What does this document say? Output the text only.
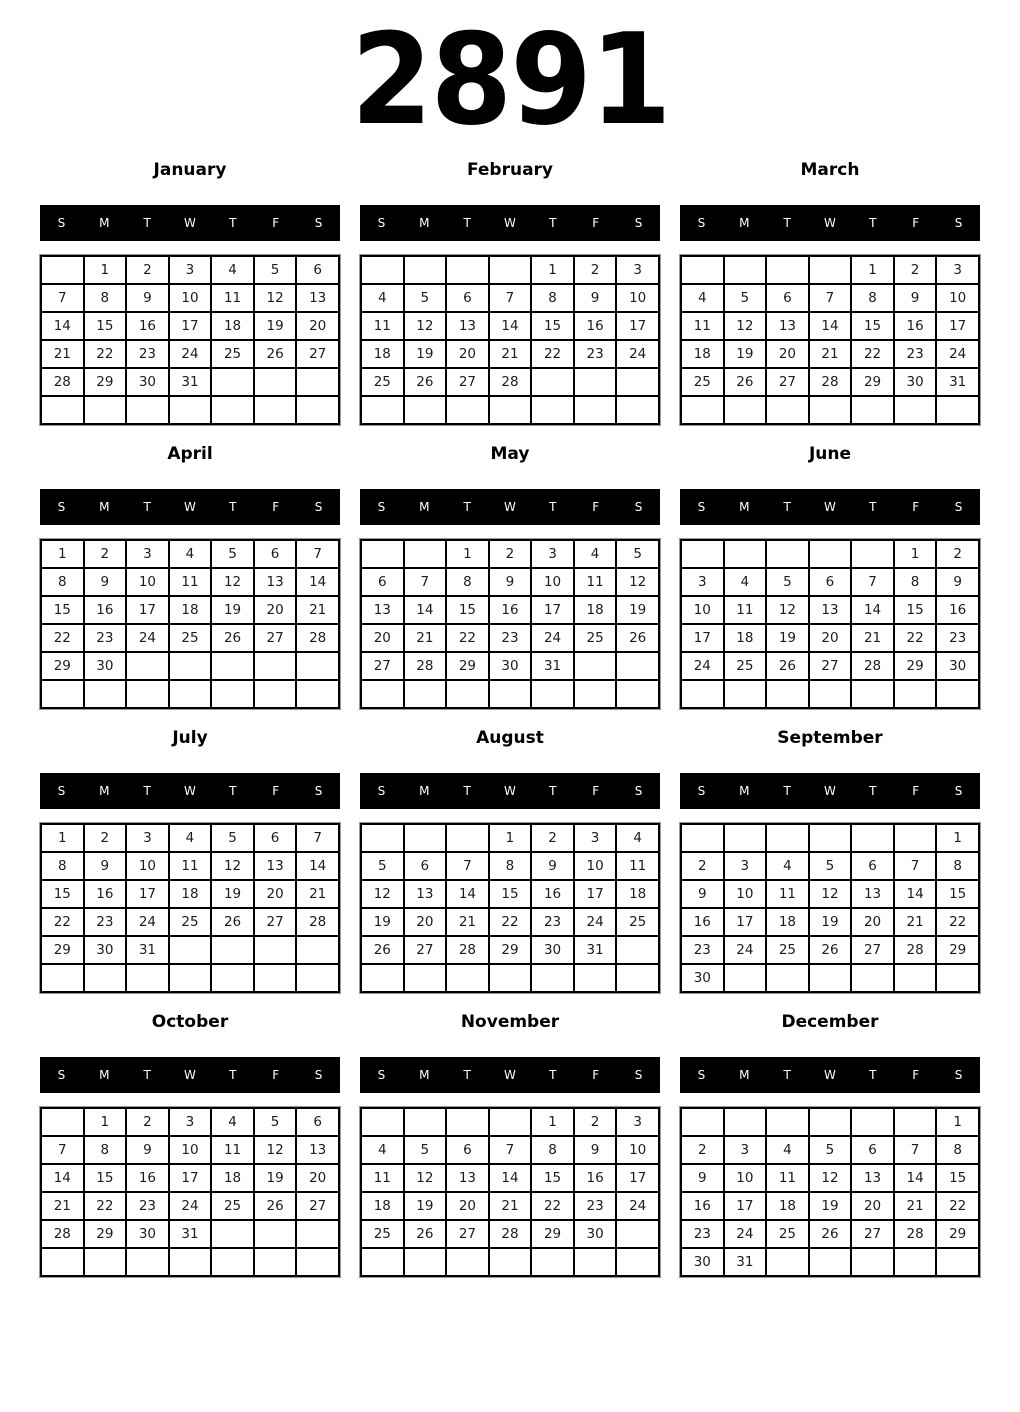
2891
January
S	M	T	W	T	F	S
	1	2	3	4	5	6
7	8	9	10	11	12	13
14	15	16	17	18	19	20
21	22	23	24	25	26	27
28	29	30	31			

February
S	M	T	W	T	F	S
				1	2	3
4	5	6	7	8	9	10
11	12	13	14	15	16	17
18	19	20	21	22	23	24
25	26	27	28			

March
S	M	T	W	T	F	S
				1	2	3
4	5	6	7	8	9	10
11	12	13	14	15	16	17
18	19	20	21	22	23	24
25	26	27	28	29	30	31

April
S	M	T	W	T	F	S
1	2	3	4	5	6	7
8	9	10	11	12	13	14
15	16	17	18	19	20	21
22	23	24	25	26	27	28
29	30					

May
S	M	T	W	T	F	S
		1	2	3	4	5
6	7	8	9	10	11	12
13	14	15	16	17	18	19
20	21	22	23	24	25	26
27	28	29	30	31		

June
S	M	T	W	T	F	S
					1	2
3	4	5	6	7	8	9
10	11	12	13	14	15	16
17	18	19	20	21	22	23
24	25	26	27	28	29	30

July
S	M	T	W	T	F	S
1	2	3	4	5	6	7
8	9	10	11	12	13	14
15	16	17	18	19	20	21
22	23	24	25	26	27	28
29	30	31				

August
S	M	T	W	T	F	S
			1	2	3	4
5	6	7	8	9	10	11
12	13	14	15	16	17	18
19	20	21	22	23	24	25
26	27	28	29	30	31	

September
S	M	T	W	T	F	S
						1
2	3	4	5	6	7	8
9	10	11	12	13	14	15
16	17	18	19	20	21	22
23	24	25	26	27	28	29
30						
October
S	M	T	W	T	F	S
	1	2	3	4	5	6
7	8	9	10	11	12	13
14	15	16	17	18	19	20
21	22	23	24	25	26	27
28	29	30	31			

November
S	M	T	W	T	F	S
				1	2	3
4	5	6	7	8	9	10
11	12	13	14	15	16	17
18	19	20	21	22	23	24
25	26	27	28	29	30	

December
S	M	T	W	T	F	S
						1
2	3	4	5	6	7	8
9	10	11	12	13	14	15
16	17	18	19	20	21	22
23	24	25	26	27	28	29
30	31					
